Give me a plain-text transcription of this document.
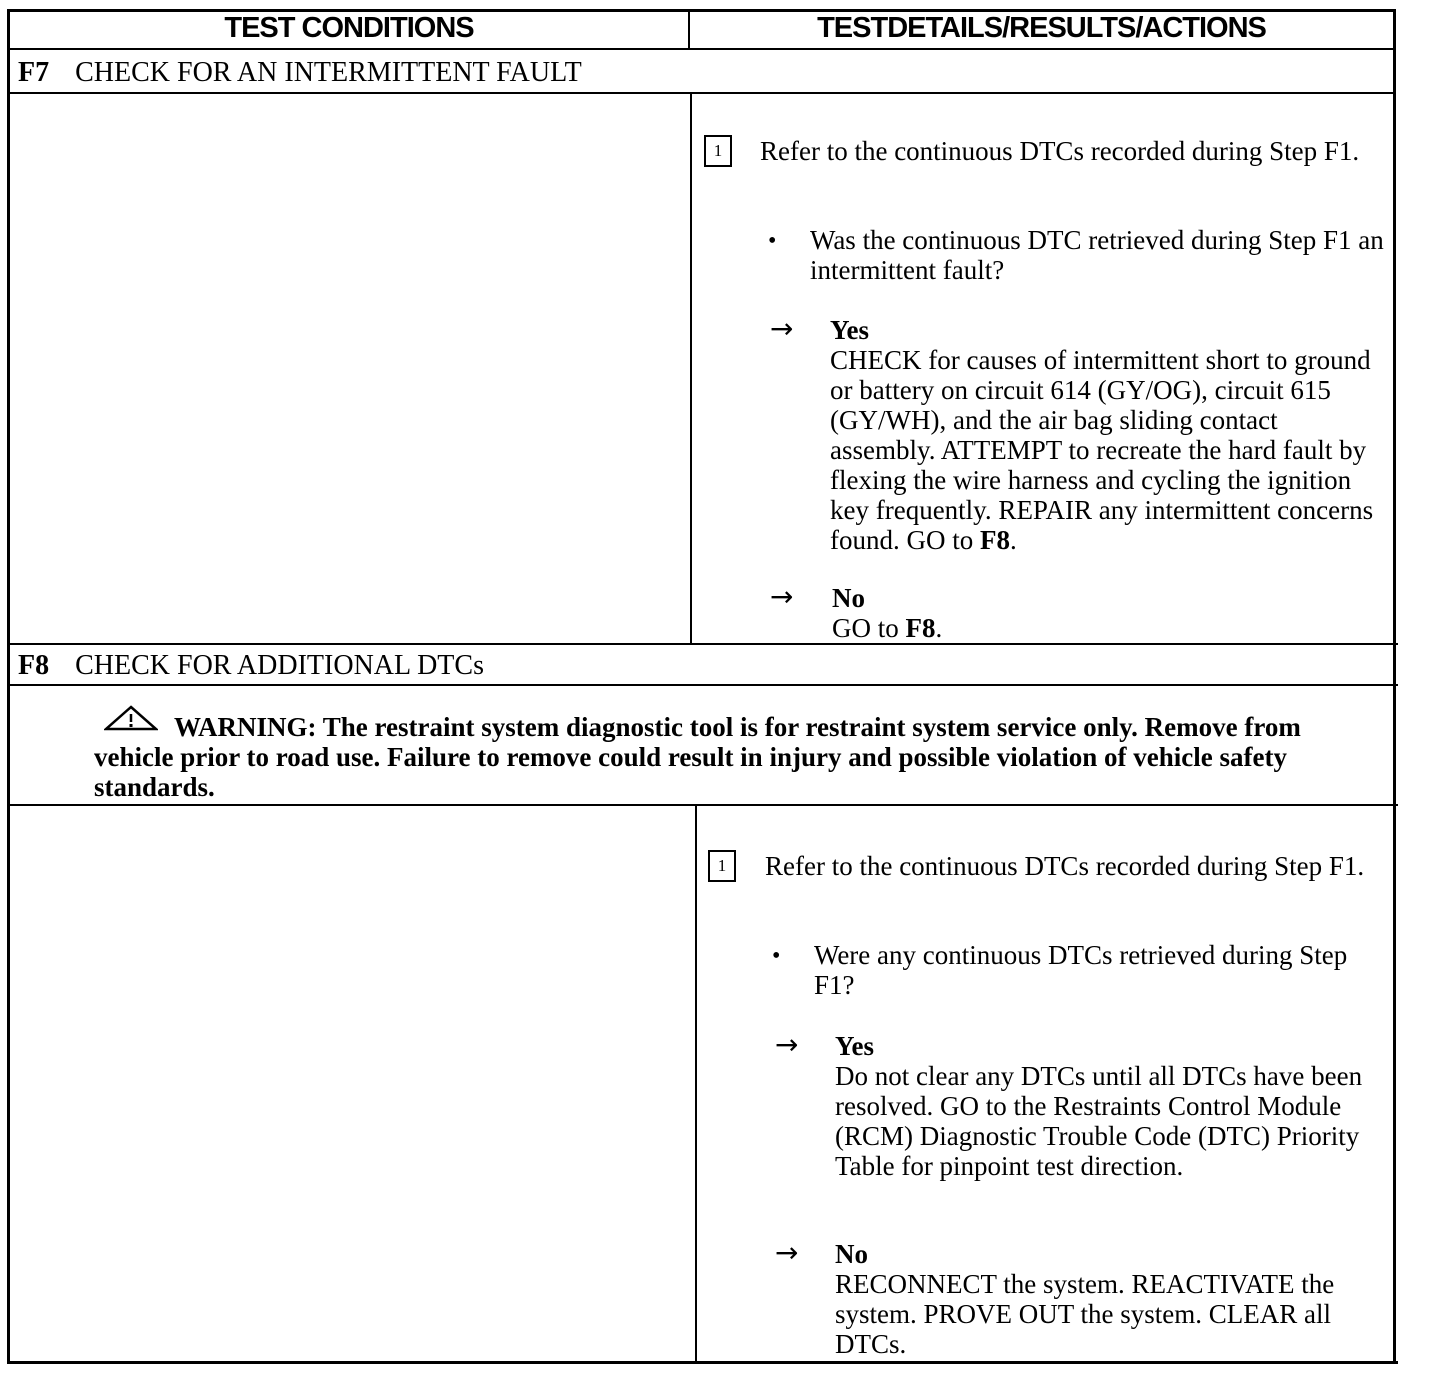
TEST CONDITIONS	TESTDETAILS/RESULTS/ACTIONS
F7 CHECK FOR AN INTERMITTENT FAULT
1	Refer to the continuous DTCs recorded during Step F1.
• Was the continuous DTC retrieved during Step F1 an intermittent fault?
→ Yes
CHECK for causes of intermittent short to ground or battery on circuit 614 (GY/OG), circuit 615 (GY/WH), and the air bag sliding contact assembly. ATTEMPT to recreate the hard fault by flexing the wire harness and cycling the ignition key frequently. REPAIR any intermittent concerns found. GO to F8.
→ No
GO to F8.
F8 CHECK FOR ADDITIONAL DTCs
WARNING: The restraint system diagnostic tool is for restraint system service only. Remove from vehicle prior to road use. Failure to remove could result in injury and possible violation of vehicle safety standards.
1	Refer to the continuous DTCs recorded during Step F1.
• Were any continuous DTCs retrieved during Step F1?
→ Yes
Do not clear any DTCs until all DTCs have been resolved. GO to the Restraints Control Module (RCM) Diagnostic Trouble Code (DTC) Priority Table for pinpoint test direction.
→ No
RECONNECT the system. REACTIVATE the system. PROVE OUT the system. CLEAR all DTCs.
